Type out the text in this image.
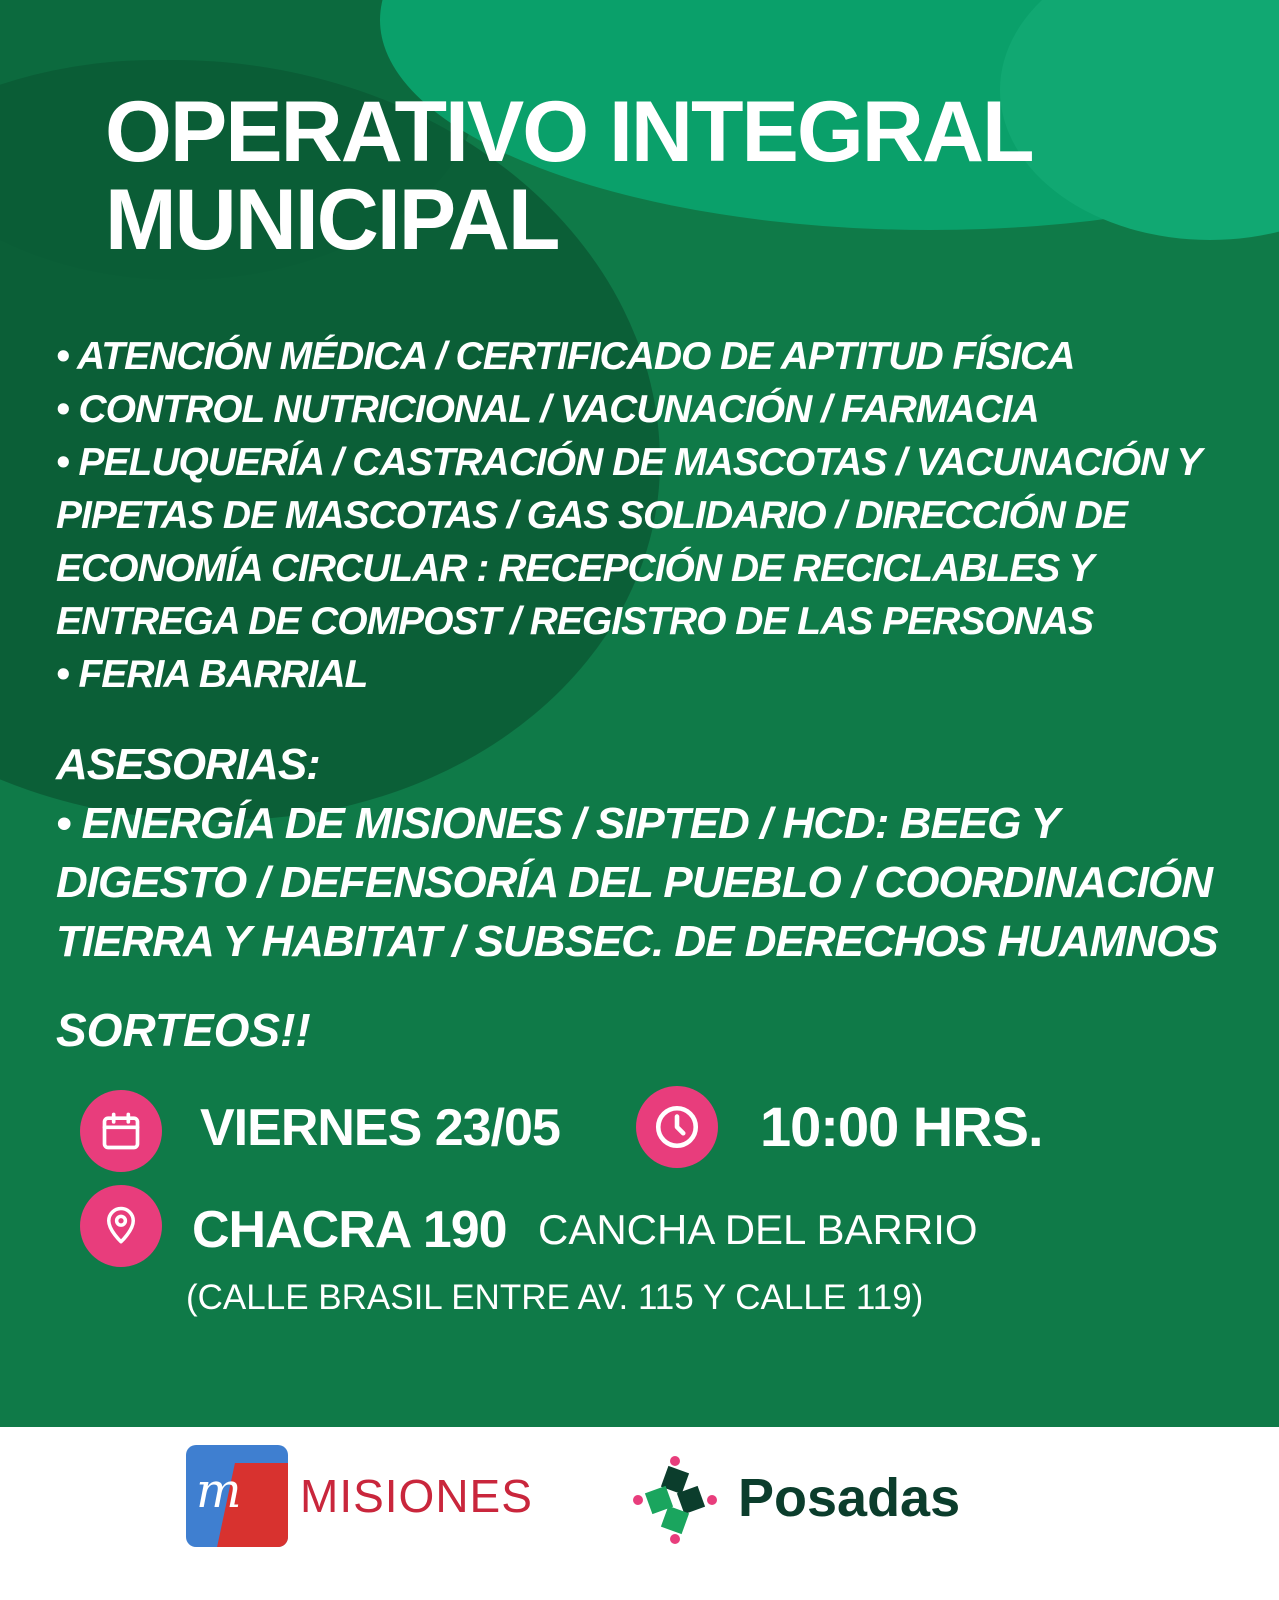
OPERATIVO INTEGRAL
MUNICIPAL
• ATENCIÓN MÉDICA / CERTIFICADO DE APTITUD FÍSICA
• CONTROL NUTRICIONAL / VACUNACIÓN / FARMACIA
• PELUQUERÍA / CASTRACIÓN DE MASCOTAS / VACUNACIÓN Y
PIPETAS DE MASCOTAS / GAS SOLIDARIO / DIRECCIÓN DE
ECONOMÍA CIRCULAR : RECEPCIÓN DE RECICLABLES Y
ENTREGA DE COMPOST / REGISTRO DE LAS PERSONAS
• FERIA BARRIAL
ASESORIAS:
• ENERGÍA DE MISIONES / SIPTED / HCD: BEEG Y
DIGESTO / DEFENSORÍA DEL PUEBLO / COORDINACIÓN
TIERRA Y HABITAT / SUBSEC. DE DERECHOS HUAMNOS
SORTEOS!!
VIERNES 23/05	10:00 HRS.
CHACRA 190 CANCHA DEL BARRIO
(CALLE BRASIL ENTRE AV. 115 Y CALLE 119)
m MISIONES	Posadas
